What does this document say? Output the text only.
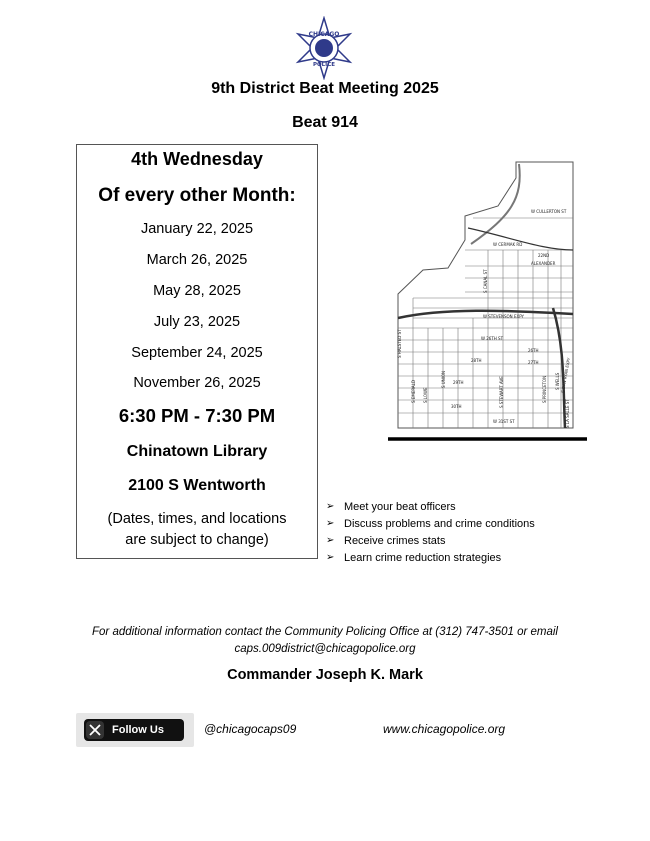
CHICAGO
POLICE
9th District Beat Meeting 2025
Beat 914
4th Wednesday
Of every other Month:
January 22, 2025
March 26, 2025
May 28, 2025
July 23, 2025
September 24, 2025
November 26, 2025
6:30 PM - 7:30 PM
Chinatown Library
2100 S Wentworth
(Dates, times, and locations
are subject to change)
W CULLERTON ST
W CERMAK RD
22ND
ALEXANDER
W STEVENSON EXPY
W 26TH ST
26TH
27TH
28TH
29TH
30TH
W 31ST ST
S CANAL ST
S STEWART AVE
S HALSTED ST
S WELLS
S LOWE
S UNION
S EMERALD	S PRINCETON
S LA SALLE ST
S DAN RYAN EXPY
➢ Meet your beat officers
➢ Discuss problems and crime conditions
➢ Receive crimes stats
➢ Learn crime reduction strategies
For additional information contact the Community Policing Office at (312) 747-3501 or email
caps.009district@chicagopolice.org
Commander Joseph K. Mark
Follow Us	@chicagocaps09	www.chicagopolice.org
